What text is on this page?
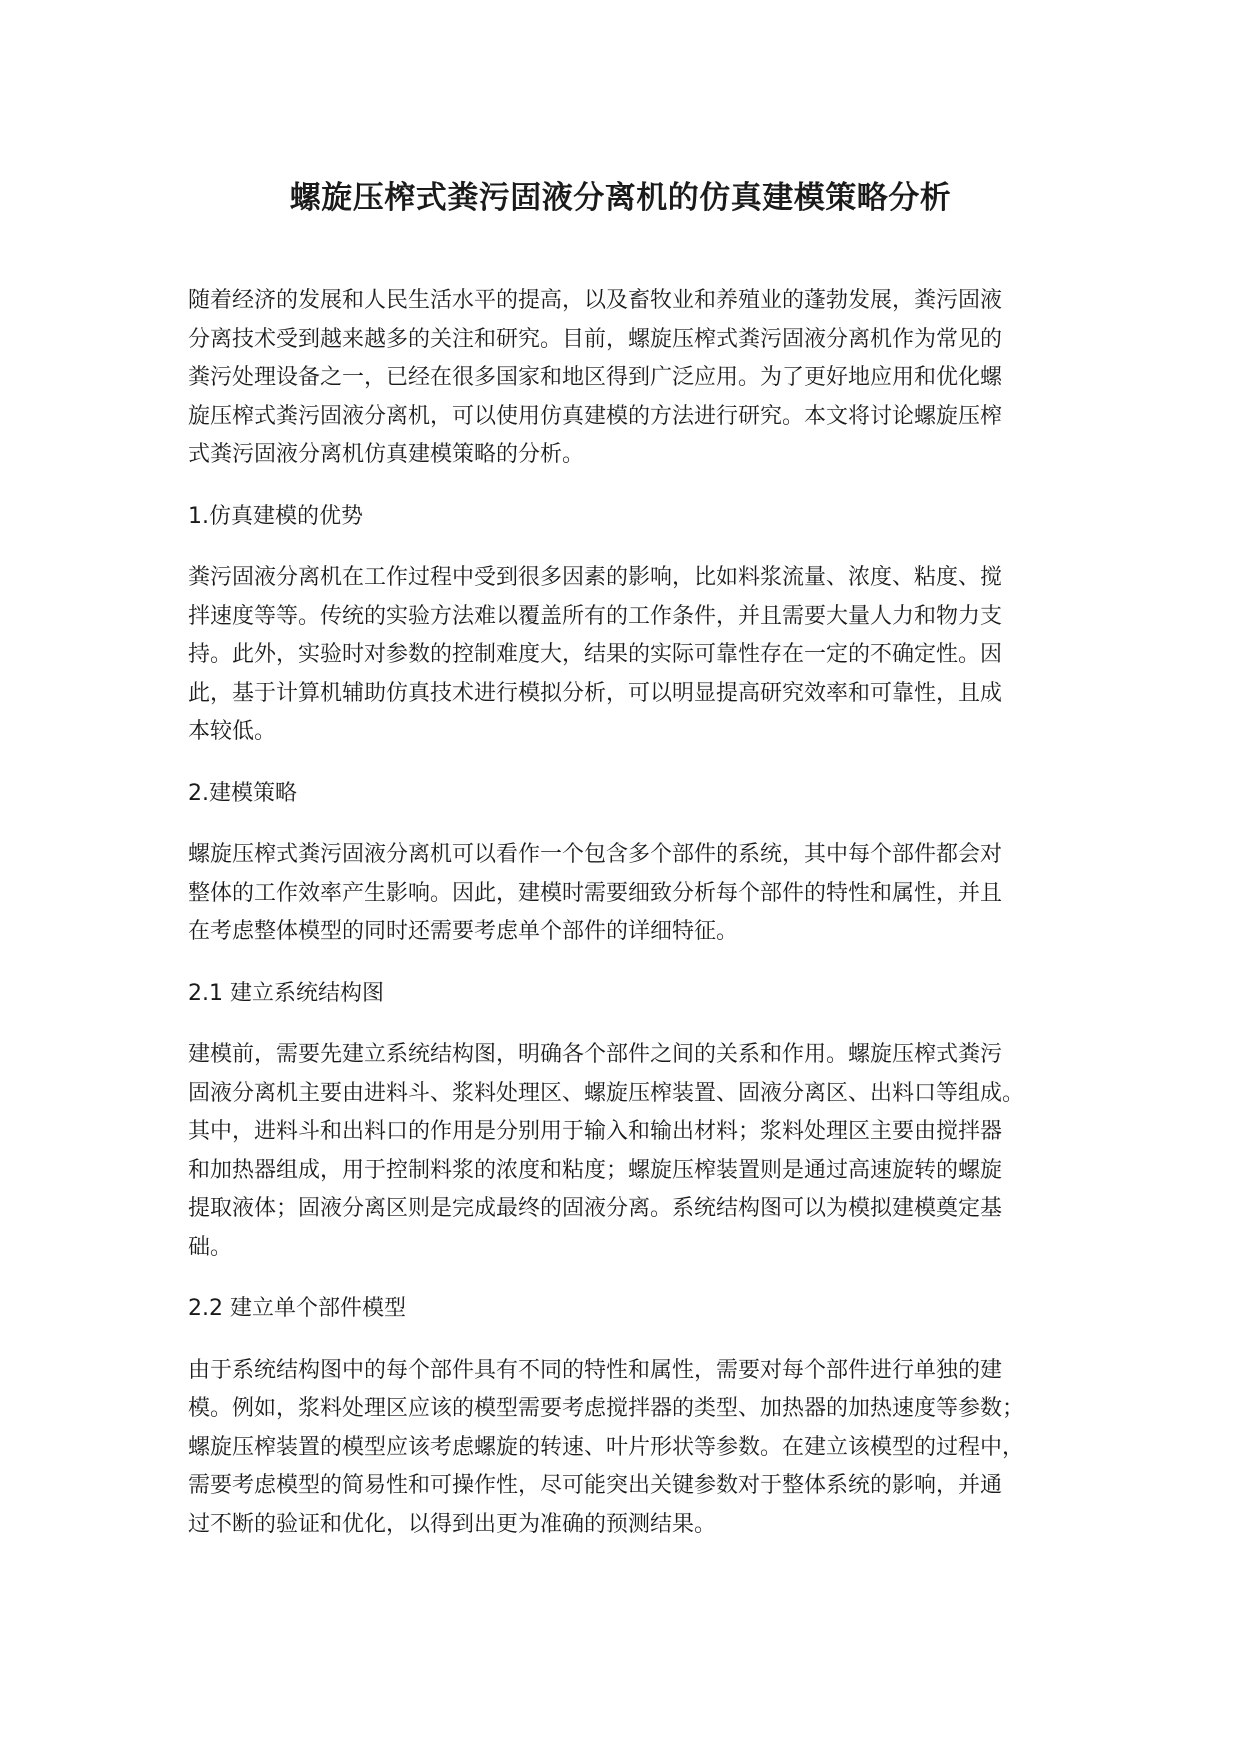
螺旋压榨式粪污固液分离机的仿真建模策略分析

随着经济的发展和人民生活水平的提高，以及畜牧业和养殖业的蓬勃发展，粪污固液
分离技术受到越来越多的关注和研究。目前，螺旋压榨式粪污固液分离机作为常见的
粪污处理设备之一，已经在很多国家和地区得到广泛应用。为了更好地应用和优化螺
旋压榨式粪污固液分离机，可以使用仿真建模的方法进行研究。本文将讨论螺旋压榨
式粪污固液分离机仿真建模策略的分析。

1.仿真建模的优势

粪污固液分离机在工作过程中受到很多因素的影响，比如料浆流量、浓度、粘度、搅
拌速度等等。传统的实验方法难以覆盖所有的工作条件，并且需要大量人力和物力支
持。此外，实验时对参数的控制难度大，结果的实际可靠性存在一定的不确定性。因
此，基于计算机辅助仿真技术进行模拟分析，可以明显提高研究效率和可靠性，且成
本较低。

2.建模策略

螺旋压榨式粪污固液分离机可以看作一个包含多个部件的系统，其中每个部件都会对
整体的工作效率产生影响。因此，建模时需要细致分析每个部件的特性和属性，并且
在考虑整体模型的同时还需要考虑单个部件的详细特征。

2.1 建立系统结构图

建模前，需要先建立系统结构图，明确各个部件之间的关系和作用。螺旋压榨式粪污
固液分离机主要由进料斗、浆料处理区、螺旋压榨装置、固液分离区、出料口等组成。
其中，进料斗和出料口的作用是分别用于输入和输出材料；浆料处理区主要由搅拌器
和加热器组成，用于控制料浆的浓度和粘度；螺旋压榨装置则是通过高速旋转的螺旋
提取液体；固液分离区则是完成最终的固液分离。系统结构图可以为模拟建模奠定基
础。

2.2 建立单个部件模型

由于系统结构图中的每个部件具有不同的特性和属性，需要对每个部件进行单独的建
模。例如，浆料处理区应该的模型需要考虑搅拌器的类型、加热器的加热速度等参数；
螺旋压榨装置的模型应该考虑螺旋的转速、叶片形状等参数。在建立该模型的过程中，
需要考虑模型的简易性和可操作性，尽可能突出关键参数对于整体系统的影响，并通
过不断的验证和优化，以得到出更为准确的预测结果。
